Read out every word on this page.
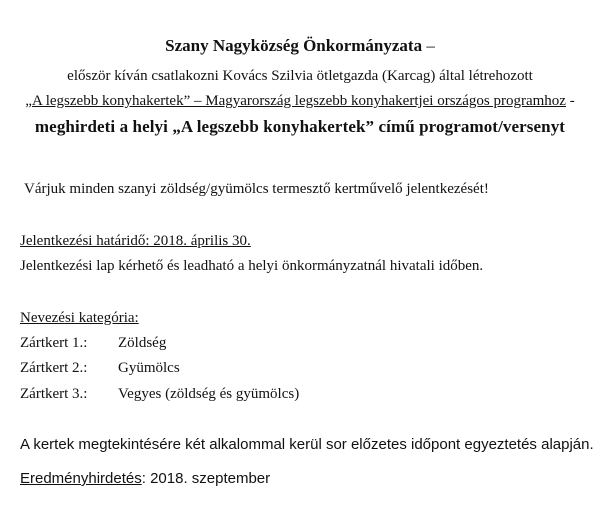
Szany Nagyközség Önkormányzata –
először kíván csatlakozni Kovács Szilvia ötletgazda (Karcag) által létrehozott
„A legszebb konyhakertek” – Magyarország legszebb konyhakertjei országos programhoz -
meghirdeti a helyi „A legszebb konyhakertek” című programot/versenyt
Várjuk minden szanyi zöldség/gyümölcs termesztő kertművelő jelentkezését!
Jelentkezési határidő: 2018. április 30.
Jelentkezési lap kérhető és leadható a helyi önkormányzatnál hivatali időben.
Nevezési kategória:
Zártkert 1.: Zöldség
Zártkert 2.: Gyümölcs
Zártkert 3.: Vegyes (zöldség és gyümölcs)
A kertek megtekintésére két alkalommal kerül sor előzetes időpont egyeztetés alapján.
Eredményhirdetés: 2018. szeptember
